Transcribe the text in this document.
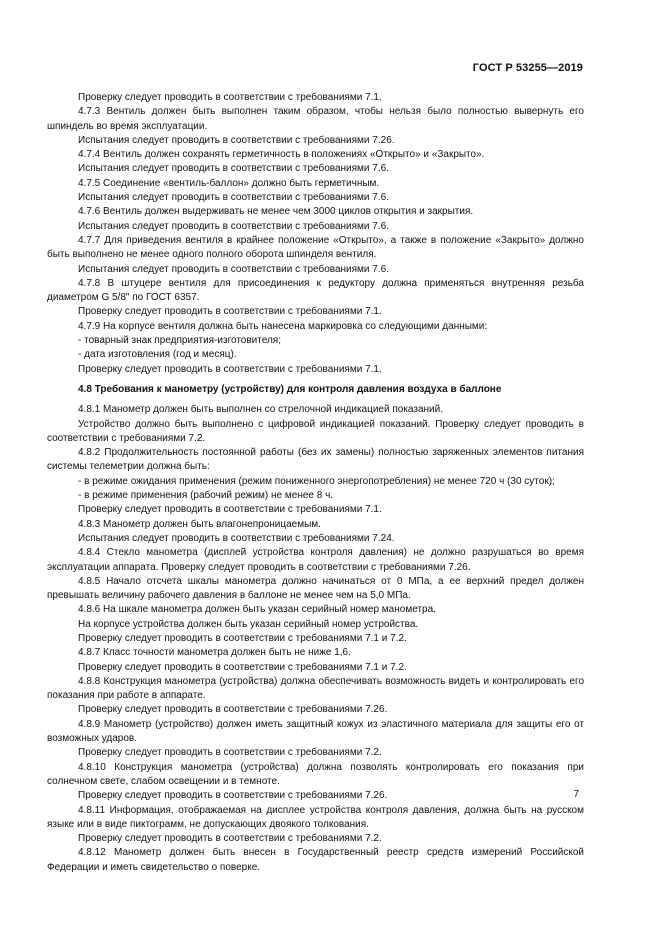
ГОСТ Р 53255—2019

Проверку следует проводить в соответствии с требованиями 7.1.

4.7.3 Вентиль должен быть выполнен таким образом, чтобы нельзя было полностью вывернуть его шпиндель во время эксплуатации.

Испытания следует проводить в соответствии с требованиями 7.26.

4.7.4 Вентиль должен сохранять герметичность в положениях «Открыто» и «Закрыто».

Испытания следует проводить в соответствии с требованиями 7.6.

4.7.5 Соединение «вентиль-баллон» должно быть герметичным.

Испытания следует проводить в соответствии с требованиями 7.6.

4.7.6 Вентиль должен выдерживать не менее чем 3000 циклов открытия и закрытия.

Испытания следует проводить в соответствии с требованиями 7.6.

4.7.7 Для приведения вентиля в крайнее положение «Открыто», а также в положение «Закрыто» должно быть выполнено не менее одного полного оборота шпинделя вентиля.

Испытания следует проводить в соответствии с требованиями 7.6.

4.7.8 В штуцере вентиля для присоединения к редуктору должна применяться внутренняя резьба диаметром G 5/8" по ГОСТ 6357.

Проверку следует проводить в соответствии с требованиями 7.1.

4.7.9 На корпусе вентиля должна быть нанесена маркировка со следующими данными:

- товарный знак предприятия-изготовителя;

- дата изготовления (год и месяц).

Проверку следует проводить в соответствии с требованиями 7.1.

4.8 Требования к манометру (устройству) для контроля давления воздуха в баллоне

4.8.1 Манометр должен быть выполнен со стрелочной индикацией показаний.

Устройство должно быть выполнено с цифровой индикацией показаний. Проверку следует проводить в соответствии с требованиями 7.2.

4.8.2 Продолжительность постоянной работы (без их замены) полностью заряженных элементов питания системы телеметрии должна быть:

- в режиме ожидания применения (режим пониженного энергопотребления) не менее 720 ч (30 суток);

- в режиме применения (рабочий режим) не менее 8 ч.

Проверку следует проводить в соответствии с требованиями 7.1.

4.8.3 Манометр должен быть влагонепроницаемым.

Испытания следует проводить в соответствии с требованиями 7.24.

4.8.4 Стекло манометра (дисплей устройства контроля давления) не должно разрушаться во время эксплуатации аппарата. Проверку следует проводить в соответствии с требованиями 7.26.

4.8.5 Начало отсчета шкалы манометра должно начинаться от 0 МПа, а ее верхний предел должен превышать величину рабочего давления в баллоне не менее чем на 5,0 МПа.

4.8.6 На шкале манометра должен быть указан серийный номер манометра.

На корпусе устройства должен быть указан серийный номер устройства.

Проверку следует проводить в соответствии с требованиями 7.1 и 7.2.

4.8.7 Класс точности манометра должен быть не ниже 1,6.

Проверку следует проводить в соответствии с требованиями 7.1 и 7.2.

4.8.8 Конструкция манометра (устройства) должна обеспечивать возможность видеть и контролировать его показания при работе в аппарате.

Проверку следует проводить в соответствии с требованиями 7.26.

4.8.9 Манометр (устройство) должен иметь защитный кожух из эластичного материала для защиты его от возможных ударов.

Проверку следует проводить в соответствии с требованиями 7.2.

4.8.10 Конструкция манометра (устройства) должна позволять контролировать его показания при солнечном свете, слабом освещении и в темноте.

Проверку следует проводить в соответствии с требованиями 7.26.

4.8.11 Информация, отображаемая на дисплее устройства контроля давления, должна быть на русском языке или в виде пиктограмм, не допускающих двоякого толкования.

Проверку следует проводить в соответствии с требованиями 7.2.

4.8.12 Манометр должен быть внесен в Государственный реестр средств измерений Российской Федерации и иметь свидетельство о поверке.

7
